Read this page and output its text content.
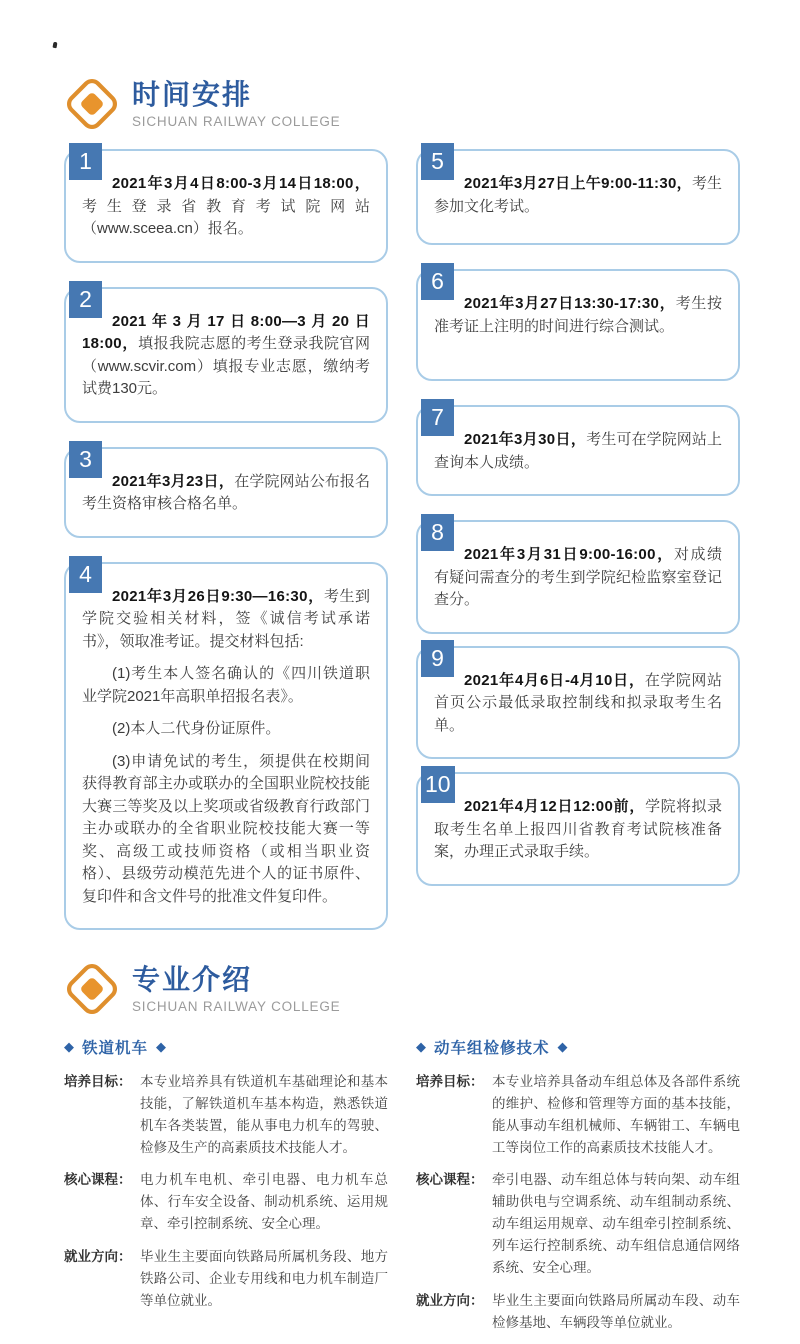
时间安排
SICHUAN RAILWAY COLLEGE
1

2021年3月4日8:00-3月14日18:00，考生登录省教育考试院网站（www.sceea.cn）报名。

2

2021年3月17日8:00—3月20日18:00，填报我院志愿的考生登录我院官网（www.scvir.com）填报专业志愿，缴纳考试费130元。

3

2021年3月23日，在学院网站公布报名考生资格审核合格名单。

4

2021年3月26日9:30—16:30，考生到学院交验相关材料，签《诚信考试承诺书》，领取准考证。提交材料包括:

(1)考生本人签名确认的《四川铁道职业学院2021年高职单招报名表》。

(2)本人二代身份证原件。

(3)申请免试的考生，须提供在校期间获得教育部主办或联办的全国职业院校技能大赛三等奖及以上奖项或省级教育行政部门主办或联办的全省职业院校技能大赛一等奖、高级工或技师资格（或相当职业资格）、县级劳动模范先进个人的证书原件、复印件和含文件号的批准文件复印件。

5

2021年3月27日上午9:00-11:30，考生参加文化考试。

6

2021年3月27日13:30-17:30，考生按准考证上注明的时间进行综合测试。

7

2021年3月30日，考生可在学院网站上查询本人成绩。

8

2021年3月31日9:00-16:00，对成绩有疑问需查分的考生到学院纪检监察室登记查分。

9

2021年4月6日-4月10日，在学院网站首页公示最低录取控制线和拟录取考生名单。

10

2021年4月12日12:00前，学院将拟录取考生名单上报四川省教育考试院核准备案，办理正式录取手续。

专业介绍
SICHUAN RAILWAY COLLEGE
◆ 铁道机车 ◆
培养目标： 本专业培养具有铁道机车基础理论和基本技能，了解铁道机车基本构造，熟悉铁道机车各类装置，能从事电力机车的驾驶、检修及生产的高素质技术技能人才。
核心课程： 电力机车电机、牵引电器、电力机车总体、行车安全设备、制动机系统、运用规章、牵引控制系统、安全心理。
就业方向： 毕业生主要面向铁路局所属机务段、地方铁路公司、企业专用线和电力机车制造厂等单位就业。
◆ 动车组检修技术 ◆
培养目标： 本专业培养具备动车组总体及各部件系统的维护、检修和管理等方面的基本技能，能从事动车组机械师、车辆钳工、车辆电工等岗位工作的高素质技术技能人才。
核心课程： 牵引电器、动车组总体与转向架、动车组辅助供电与空调系统、动车组制动系统、动车组运用规章、动车组牵引控制系统、列车运行控制系统、动车组信息通信网络系统、安全心理。
就业方向： 毕业生主要面向铁路局所属动车段、动车检修基地、车辆段等单位就业。
